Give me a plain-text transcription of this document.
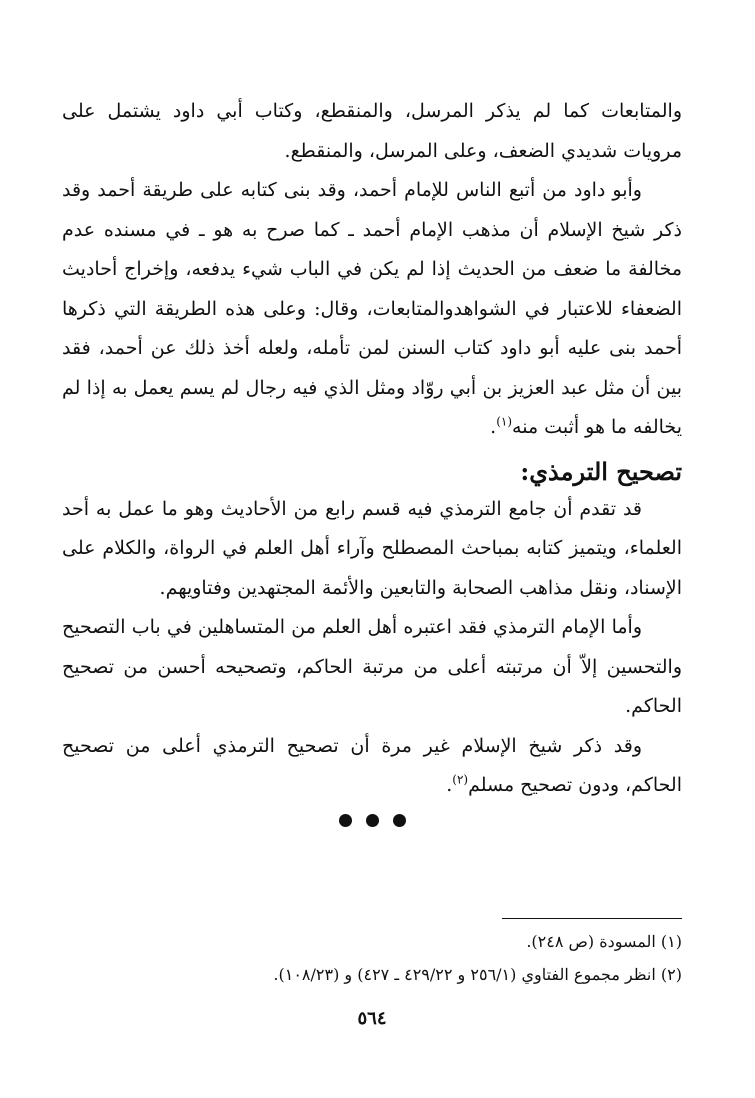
والمتابعات كما لم يذكر المرسل، والمنقطع، وكتاب أبي داود يشتمل على مرويات شديدي الضعف، وعلى المرسل، والمنقطع.

وأبو داود من أتبع الناس للإمام أحمد، وقد بنى كتابه على طريقة أحمد وقد ذكر شيخ الإسلام أن مذهب الإمام أحمد ـ كما صرح به هو ـ في مسنده عدم مخالفة ما ضعف من الحديث إذا لم يكن في الباب شيء يدفعه، وإخراج أحاديث الضعفاء للاعتبار في الشواهدوالمتابعات، وقال: وعلى هذه الطريقة التي ذكرها أحمد بنى عليه أبو داود كتاب السنن لمن تأمله، ولعله أخذ ذلك عن أحمد، فقد بين أن مثل عبد العزيز بن أبي روّاد ومثل الذي فيه رجال لم يسم يعمل به إذا لم يخالفه ما هو أثبت منه$^{(١)}$.

تصحيح الترمذي:

قد تقدم أن جامع الترمذي فيه قسم رابع من الأحاديث وهو ما عمل به أحد العلماء، ويتميز كتابه بمباحث المصطلح وآراء أهل العلم في الرواة، والكلام على الإسناد، ونقل مذاهب الصحابة والتابعين والأئمة المجتهدين وفتاويهم.

وأما الإمام الترمذي فقد اعتبره أهل العلم من المتساهلين في باب التصحيح والتحسين إلاّ أن مرتبته أعلى من مرتبة الحاكم، وتصحيحه أحسن من تصحيح الحاكم.

وقد ذكر شيخ الإسلام غير مرة أن تصحيح الترمذي أعلى من تصحيح الحاكم، ودون تصحيح مسلم$^{(٢)}$.

(١) المسودة (ص ٢٤٨).

(٢) انظر مجموع الفتاوي (٢٥٦/١ و ٤٢٩/٢٢ ـ ٤٢٧) و (١٠٨/٢٣).

٥٦٤
